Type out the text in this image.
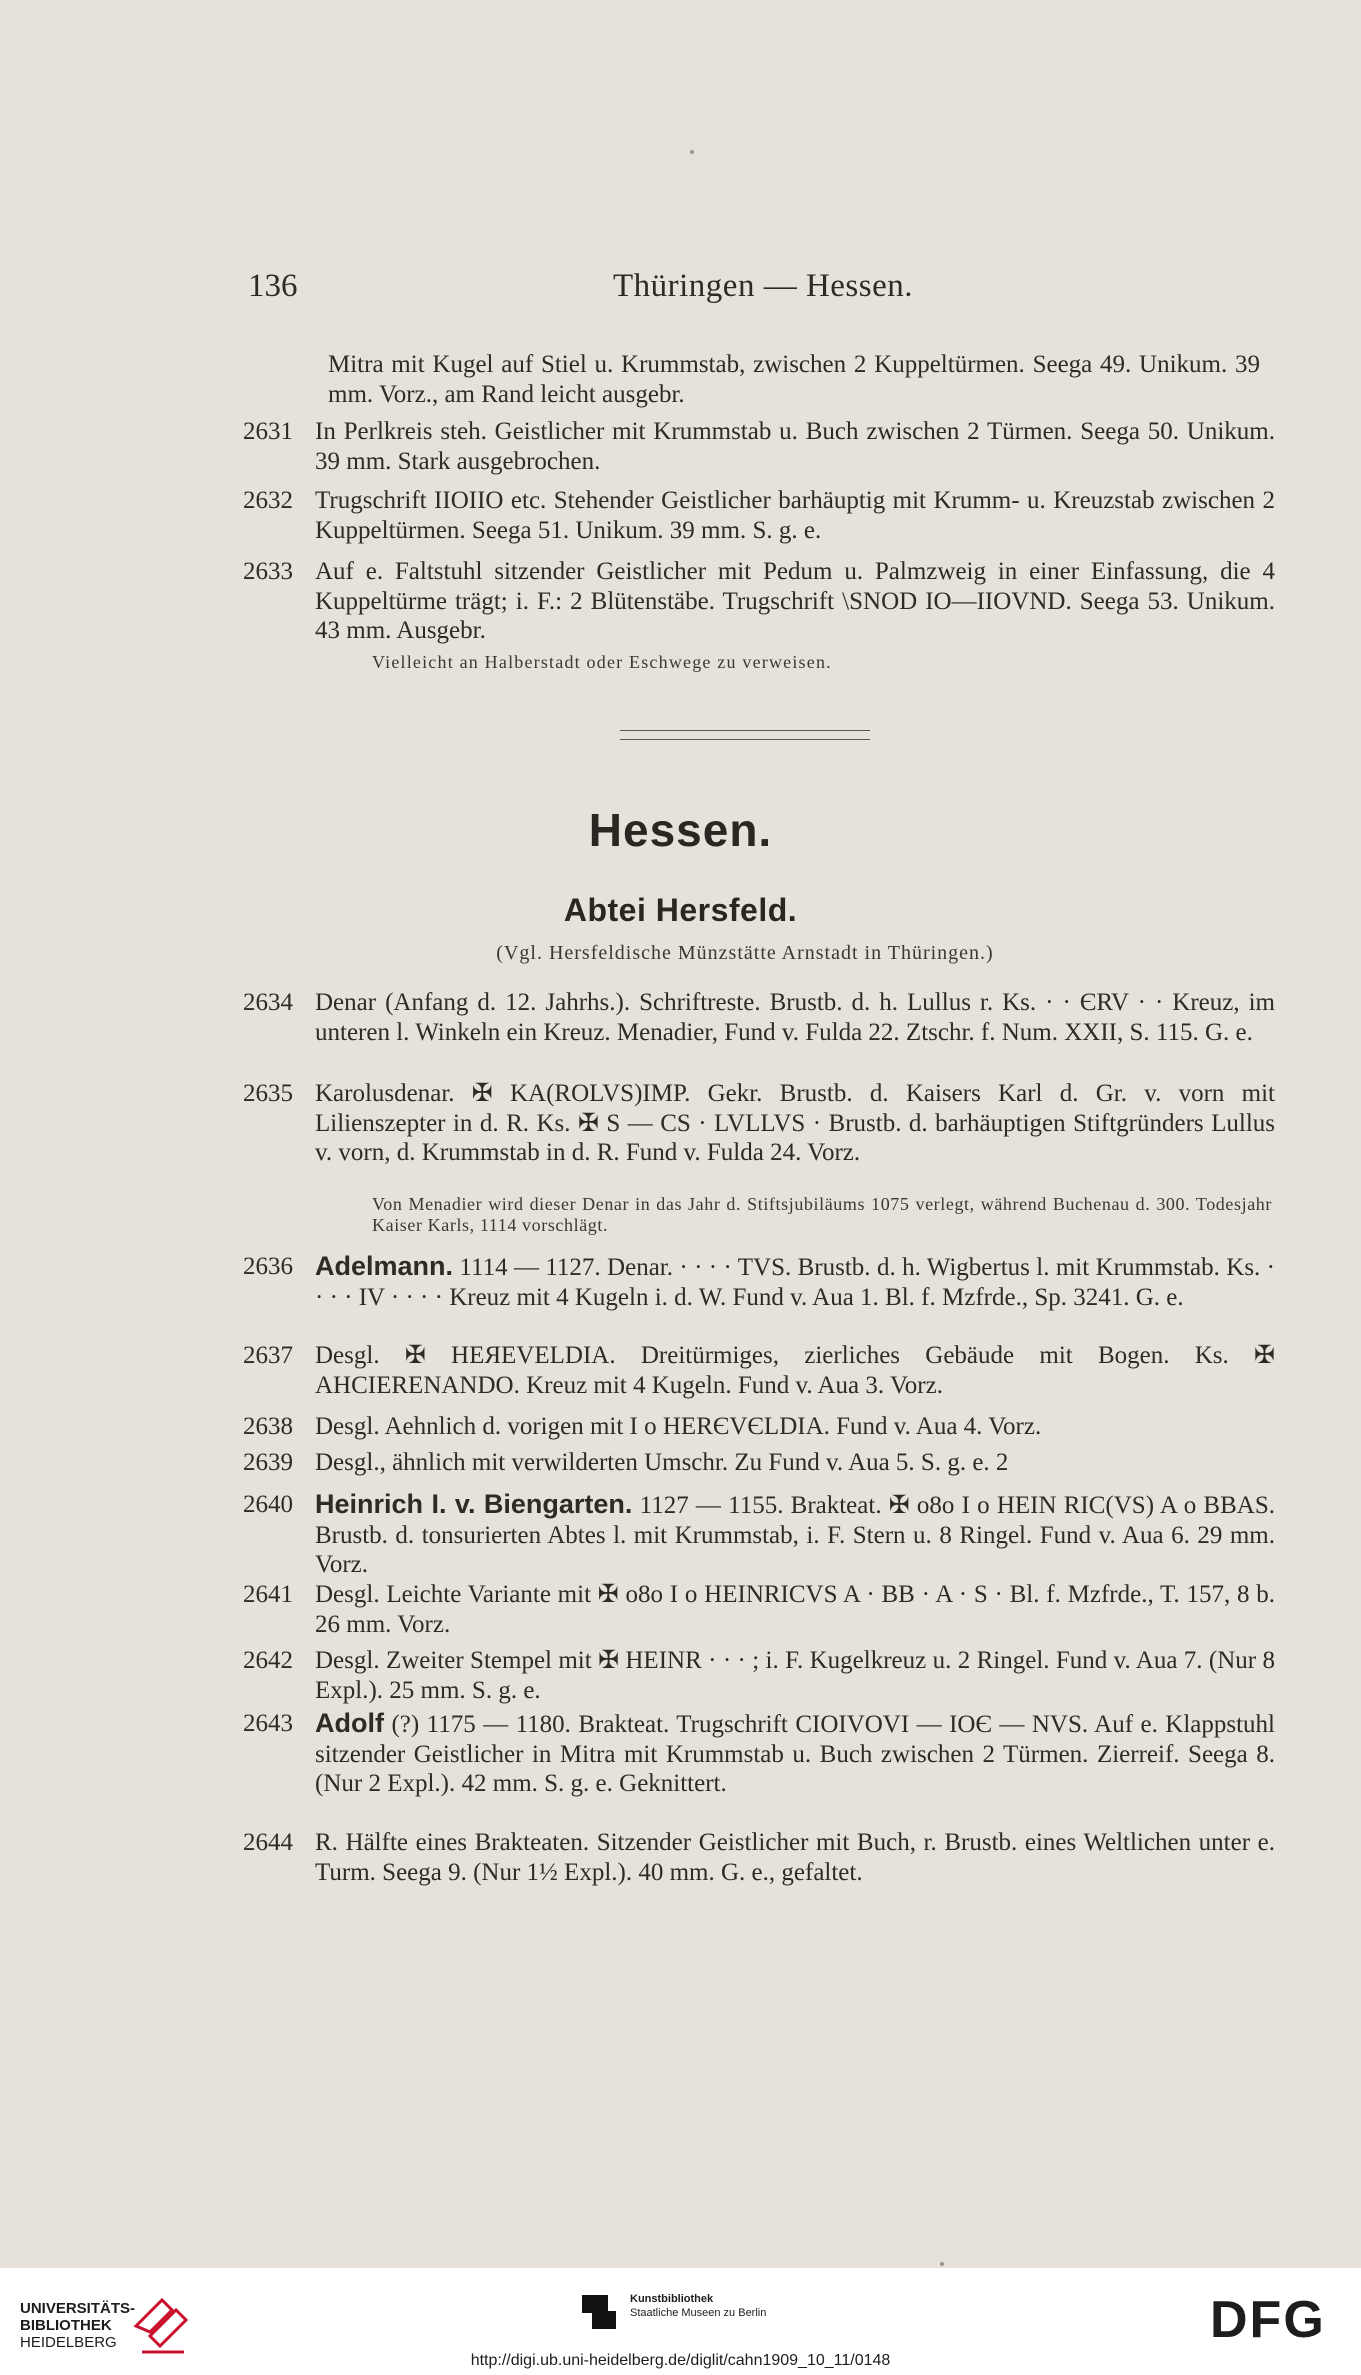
136	Thüringen — Hessen.
Mitra mit Kugel auf Stiel u. Krummstab, zwischen 2 Kuppeltürmen. Seega 49. Unikum. 39 mm. Vorz., am Rand leicht ausgebr.
2631 In Perlkreis steh. Geistlicher mit Krummstab u. Buch zwischen 2 Türmen. Seega 50. Unikum. 39 mm. Stark ausgebrochen.
2632 Trugschrift IIOIIO etc. Stehender Geistlicher barhäuptig mit Krumm- u. Kreuzstab zwischen 2 Kuppeltürmen. Seega 51. Unikum. 39 mm. S. g. e.
2633 Auf e. Faltstuhl sitzender Geistlicher mit Pedum u. Palmzweig in einer Einfassung, die 4 Kuppeltürme trägt; i. F.: 2 Blütenstäbe. Trugschrift \SNOD IO—IIOVND. Seega 53. Unikum. 43 mm. Ausgebr.
Vielleicht an Halberstadt oder Eschwege zu verweisen.
Hessen.
Abtei Hersfeld.
(Vgl. Hersfeldische Münzstätte Arnstadt in Thüringen.)
2634 Denar (Anfang d. 12. Jahrhs.). Schriftreste. Brustb. d. h. Lullus r. Ks. · · ЄRV · · Kreuz, im unteren l. Winkeln ein Kreuz. Menadier, Fund v. Fulda 22. Ztschr. f. Num. XXII, S. 115. G. e.
2635 Karolusdenar. ✠ KA(ROLVS)IMP. Gekr. Brustb. d. Kaisers Karl d. Gr. v. vorn mit Lilienszepter in d. R. Ks. ✠ S — CS · LVLLVS · Brustb. d. barhäuptigen Stiftgründers Lullus v. vorn, d. Krummstab in d. R. Fund v. Fulda 24. Vorz.
Von Menadier wird dieser Denar in das Jahr d. Stiftsjubiläums 1075 verlegt, während Buchenau d. 300. Todesjahr Kaiser Karls, 1114 vorschlägt.
2636 Adelmann. 1114 — 1127. Denar. · · · · TVS. Brustb. d. h. Wigbertus l. mit Krummstab. Ks. · · · · IV · · · · Kreuz mit 4 Kugeln i. d. W. Fund v. Aua 1. Bl. f. Mzfrde., Sp. 3241. G. e.
2637 Desgl. ✠ HEЯEVELDIA. Dreitürmiges, zierliches Gebäude mit Bogen. Ks. ✠ AHCIERENANDO. Kreuz mit 4 Kugeln. Fund v. Aua 3. Vorz.
2638 Desgl. Aehnlich d. vorigen mit I o HERЄVЄLDIA. Fund v. Aua 4. Vorz.
2639 Desgl., ähnlich mit verwilderten Umschr. Zu Fund v. Aua 5. S. g. e. 2
2640 Heinrich I. v. Biengarten. 1127 — 1155. Brakteat. ✠ o8o I o HEIN RIC(VS) A o BBAS. Brustb. d. tonsurierten Abtes l. mit Krummstab, i. F. Stern u. 8 Ringel. Fund v. Aua 6. 29 mm. Vorz.
2641 Desgl. Leichte Variante mit ✠ o8o I o HEINRICVS A · BB · A · S · Bl. f. Mzfrde., T. 157, 8 b. 26 mm. Vorz.
2642 Desgl. Zweiter Stempel mit ✠ HEINR · · · ; i. F. Kugelkreuz u. 2 Ringel. Fund v. Aua 7. (Nur 8 Expl.). 25 mm. S. g. e.
2643 Adolf (?) 1175 — 1180. Brakteat. Trugschrift CIOIVOVI — IOЄ — NVS. Auf e. Klappstuhl sitzender Geistlicher in Mitra mit Krummstab u. Buch zwischen 2 Türmen. Zierreif. Seega 8. (Nur 2 Expl.). 42 mm. S. g. e. Geknittert.
2644 R. Hälfte eines Brakteaten. Sitzender Geistlicher mit Buch, r. Brustb. eines Weltlichen unter e. Turm. Seega 9. (Nur 1½ Expl.). 40 mm. G. e., gefaltet.
UNIVERSITÄTS-
BIBLIOTHEK
HEIDELBERG
Kunstbibliothek
Staatliche Museen zu Berlin	DFG
http://digi.ub.uni-heidelberg.de/diglit/cahn1909_10_11/0148
